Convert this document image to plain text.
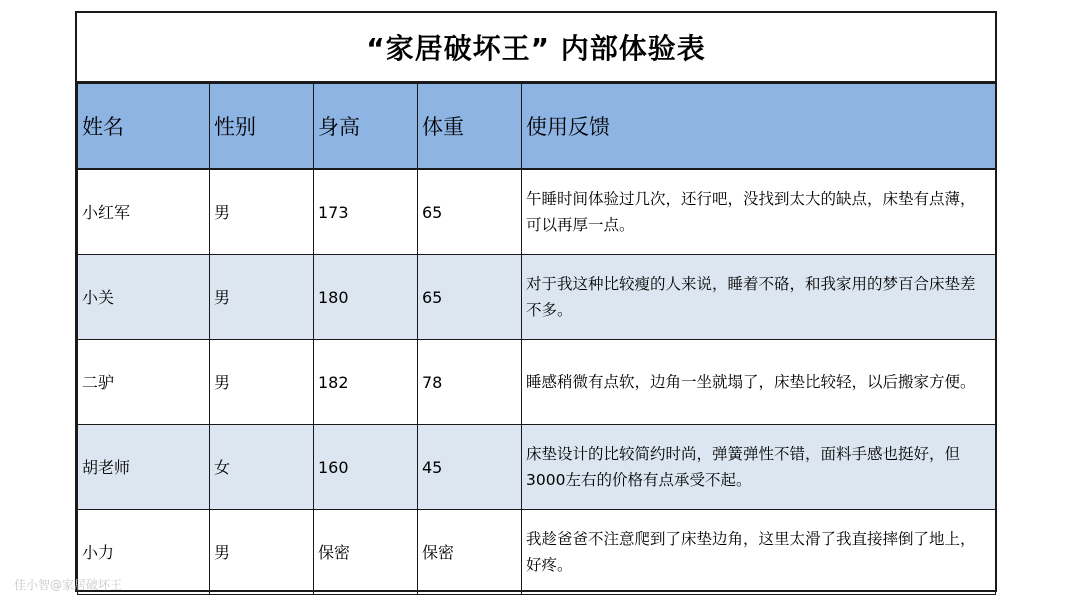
“家居破坏王” 内部体验表
姓名	性别	身高	体重	使用反馈
小红军	男	173	65	午睡时间体验过几次，还行吧，没找到太大的缺点，床垫有点薄，可以再厚一点。
小关	男	180	65	对于我这种比较瘦的人来说，睡着不硌，和我家用的梦百合床垫差不多。
二驴	男	182	78	睡感稍微有点软，边角一坐就塌了，床垫比较轻，以后搬家方便。
胡老师	女	160	45	床垫设计的比较简约时尚，弹簧弹性不错，面料手感也挺好，但3000左右的价格有点承受不起。
小力	男	保密	保密	我趁爸爸不注意爬到了床垫边角，这里太滑了我直接摔倒了地上，好疼。
佳小智@家居破坏王
